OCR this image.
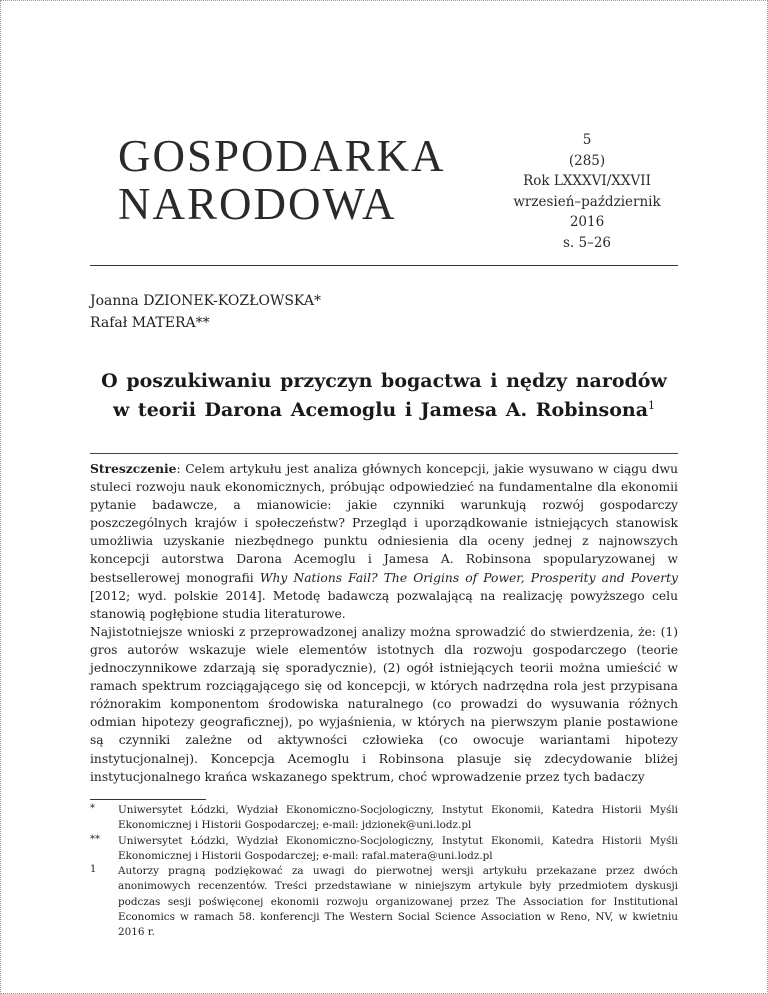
GOSPODARKA
NARODOWA
5
(285)
Rok LXXXVI/XXVII
wrzesień–październik
2016
s. 5–26
Joanna DZIONEK-KOZŁOWSKA*
Rafał MATERA**
O poszukiwaniu przyczyn bogactwa i nędzy narodów
w teorii Darona Acemoglu i Jamesa A. Robinsona$^1$

Streszczenie: Celem artykułu jest analiza głównych koncepcji, jakie wysuwano w ciągu dwu stuleci rozwoju nauk ekonomicznych, próbując odpowiedzieć na fundamentalne dla ekonomii pytanie badawcze, a mianowicie: jakie czynniki warunkują rozwój gospodarczy poszczególnych krajów i społeczeństw? Przegląd i uporządkowanie istniejących stanowisk umożliwia uzyskanie niezbędnego punktu odniesienia dla oceny jednej z najnowszych koncepcji autorstwa Darona Acemoglu i Jamesa A. Robinsona spopularyzowanej w bestsellerowej monografii Why Nations Fail? The Origins of Power, Prosperity and Poverty [2012; wyd. polskie 2014]. Metodę badawczą pozwalającą na realizację powyższego celu stanowią pogłębione studia literaturowe.

Najistotniejsze wnioski z przeprowadzonej analizy można sprowadzić do stwierdzenia, że: (1) gros autorów wskazuje wiele elementów istotnych dla rozwoju gospodarczego (teorie jednoczynnikowe zdarzają się sporadycznie), (2) ogół istniejących teorii można umieścić w ramach spektrum rozciągającego się od koncepcji, w których nadrzędna rola jest przypisana różnorakim komponentom środowiska naturalnego (co prowadzi do wysuwania różnych odmian hipotezy geograficznej), po wyjaśnienia, w których na pierwszym planie postawione są czynniki zależne od aktywności człowieka (co owocuje wariantami hipotezy instytucjonalnej). Koncepcja Acemoglu i Robinsona plasuje się zdecydowanie bliżej instytucjonalnego krańca wskazanego spektrum, choć wprowadzenie przez tych badaczy

* Uniwersytet Łódzki, Wydział Ekonomiczno-Socjologiczny, Instytut Ekonomii, Katedra Historii Myśli Ekonomicznej i Historii Gospodarczej; e-mail: jdzionek@uni.lodz.pl
** Uniwersytet Łódzki, Wydział Ekonomiczno-Socjologiczny, Instytut Ekonomii, Katedra Historii Myśli Ekonomicznej i Historii Gospodarczej; e-mail: rafal.matera@uni.lodz.pl
1 Autorzy pragną podziękować za uwagi do pierwotnej wersji artykułu przekazane przez dwóch anonimowych recenzentów. Treści przedstawiane w niniejszym artykule były przedmiotem dyskusji podczas sesji poświęconej ekonomii rozwoju organizowanej przez The Association for Institutional Economics w ramach 58. konferencji The Western Social Science Association w Reno, NV, w kwietniu 2016 r.
